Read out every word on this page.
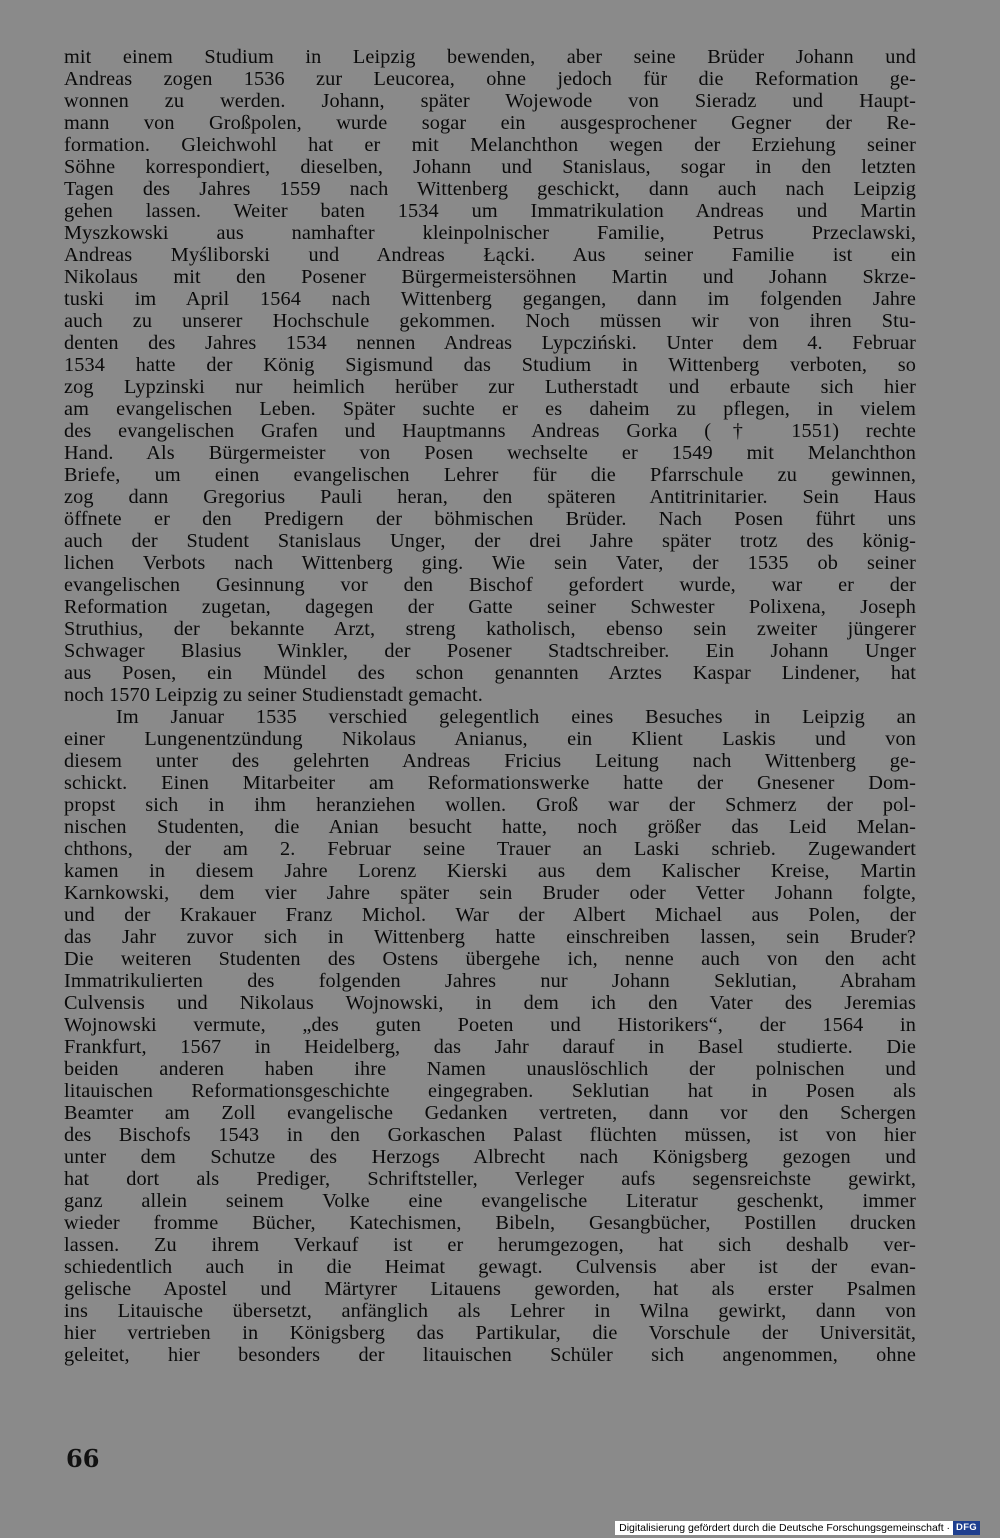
mit einem Studium in Leipzig bewenden, aber seine Brüder Johann und
Andreas zogen 1536 zur Leucorea, ohne jedoch für die Reformation ge-
wonnen zu werden. Johann, später Wojewode von Sieradz und Haupt-
mann von Großpolen, wurde sogar ein ausgesprochener Gegner der Re-
formation. Gleichwohl hat er mit Melanchthon wegen der Erziehung seiner
Söhne korrespondiert, dieselben, Johann und Stanislaus, sogar in den letzten
Tagen des Jahres 1559 nach Wittenberg geschickt, dann auch nach Leipzig
gehen lassen. Weiter baten 1534 um Immatrikulation Andreas und Martin
Myszkowski aus namhafter kleinpolnischer Familie, Petrus Przeclawski,
Andreas Myśliborski und Andreas Łącki. Aus seiner Familie ist ein
Nikolaus mit den Posener Bürgermeistersöhnen Martin und Johann Skrze-
tuski im April 1564 nach Wittenberg gegangen, dann im folgenden Jahre
auch zu unserer Hochschule gekommen. Noch müssen wir von ihren Stu-
denten des Jahres 1534 nennen Andreas Lypcziński. Unter dem 4. Februar
1534 hatte der König Sigismund das Studium in Wittenberg verboten, so
zog Lypzinski nur heimlich herüber zur Lutherstadt und erbaute sich hier
am evangelischen Leben. Später suchte er es daheim zu pflegen, in vielem
des evangelischen Grafen und Hauptmanns Andreas Gorka († 1551) rechte
Hand. Als Bürgermeister von Posen wechselte er 1549 mit Melanchthon
Briefe, um einen evangelischen Lehrer für die Pfarrschule zu gewinnen,
zog dann Gregorius Pauli heran, den späteren Antitrinitarier. Sein Haus
öffnete er den Predigern der böhmischen Brüder. Nach Posen führt uns
auch der Student Stanislaus Unger, der drei Jahre später trotz des könig-
lichen Verbots nach Wittenberg ging. Wie sein Vater, der 1535 ob seiner
evangelischen Gesinnung vor den Bischof gefordert wurde, war er der
Reformation zugetan, dagegen der Gatte seiner Schwester Polixena, Joseph
Struthius, der bekannte Arzt, streng katholisch, ebenso sein zweiter jüngerer
Schwager Blasius Winkler, der Posener Stadtschreiber. Ein Johann Unger
aus Posen, ein Mündel des schon genannten Arztes Kaspar Lindener, hat
noch 1570 Leipzig zu seiner Studienstadt gemacht.
Im Januar 1535 verschied gelegentlich eines Besuches in Leipzig an
einer Lungenentzündung Nikolaus Anianus, ein Klient Laskis und von
diesem unter des gelehrten Andreas Fricius Leitung nach Wittenberg ge-
schickt. Einen Mitarbeiter am Reformationswerke hatte der Gnesener Dom-
propst sich in ihm heranziehen wollen. Groß war der Schmerz der pol-
nischen Studenten, die Anian besucht hatte, noch größer das Leid Melan-
chthons, der am 2. Februar seine Trauer an Laski schrieb. Zugewandert
kamen in diesem Jahre Lorenz Kierski aus dem Kalischer Kreise, Martin
Karnkowski, dem vier Jahre später sein Bruder oder Vetter Johann folgte,
und der Krakauer Franz Michol. War der Albert Michael aus Polen, der
das Jahr zuvor sich in Wittenberg hatte einschreiben lassen, sein Bruder?
Die weiteren Studenten des Ostens übergehe ich, nenne auch von den acht
Immatrikulierten des folgenden Jahres nur Johann Seklutian, Abraham
Culvensis und Nikolaus Wojnowski, in dem ich den Vater des Jeremias
Wojnowski vermute, „des guten Poeten und Historikers“, der 1564 in
Frankfurt, 1567 in Heidelberg, das Jahr darauf in Basel studierte. Die
beiden anderen haben ihre Namen unauslöschlich der polnischen und
litauischen Reformationsgeschichte eingegraben. Seklutian hat in Posen als
Beamter am Zoll evangelische Gedanken vertreten, dann vor den Schergen
des Bischofs 1543 in den Gorkaschen Palast flüchten müssen, ist von hier
unter dem Schutze des Herzogs Albrecht nach Königsberg gezogen und
hat dort als Prediger, Schriftsteller, Verleger aufs segensreichste gewirkt,
ganz allein seinem Volke eine evangelische Literatur geschenkt, immer
wieder fromme Bücher, Katechismen, Bibeln, Gesangbücher, Postillen drucken
lassen. Zu ihrem Verkauf ist er herumgezogen, hat sich deshalb ver-
schiedentlich auch in die Heimat gewagt. Culvensis aber ist der evan-
gelische Apostel und Märtyrer Litauens geworden, hat als erster Psalmen
ins Litauische übersetzt, anfänglich als Lehrer in Wilna gewirkt, dann von
hier vertrieben in Königsberg das Partikular, die Vorschule der Universität,
geleitet, hier besonders der litauischen Schüler sich angenommen, ohne
66
Digitalisierung gefördert durch die Deutsche Forschungsgemeinschaft · DFG
